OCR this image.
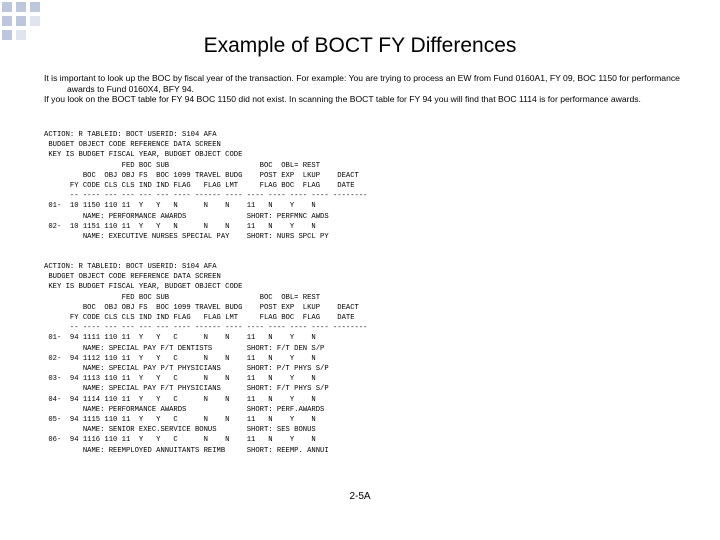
Example of BOCT FY Differences

It is important to look up the BOC by fiscal year of the transaction. For example: You are trying to process an EW from Fund 0160A1, FY 09, BOC 1150 for performance awards to Fund 0160X4, BFY 94.

If you look on the BOCT table for FY 94 BOC 1150 did not exist. In scanning the BOCT table for FY 94 you will find that BOC 1114 is for performance awards.

ACTION: R TABLEID: BOCT USERID: S104 AFA
BUDGET OBJECT CODE REFERENCE DATA SCREEN
KEY IS BUDGET FISCAL YEAR, BUDGET OBJECT CODE
FED BOC SUB                     BOC  OBL= REST
BOC  OBJ OBJ FS  BOC 1099 TRAVEL BUDG    POST EXP  LKUP    DEACT
FY CODE CLS CLS IND IND FLAG   FLAG LMT     FLAG BOC  FLAG    DATE
-- ---- --- --- --- --- ---- ------ ---- ---- ---- ---- ---- --------
01-  10 1150 110 11  Y   Y   N      N    N    11   N    Y    N
NAME: PERFORMANCE AWARDS              SHORT: PERFMNC AWDS
02-  10 1151 110 11  Y   Y   N      N    N    11   N    Y    N
NAME: EXECUTIVE NURSES SPECIAL PAY    SHORT: NURS SPCL PY
ACTION: R TABLEID: BOCT USERID: S104 AFA
BUDGET OBJECT CODE REFERENCE DATA SCREEN
KEY IS BUDGET FISCAL YEAR, BUDGET OBJECT CODE
FED BOC SUB                     BOC  OBL= REST
BOC  OBJ OBJ FS  BOC 1099 TRAVEL BUDG    POST EXP  LKUP    DEACT
FY CODE CLS CLS IND IND FLAG   FLAG LMT     FLAG BOC  FLAG    DATE
-- ---- --- --- --- --- ---- ------ ---- ---- ---- ---- ---- --------
01-  94 1111 110 11  Y   Y   C      N    N    11   N    Y    N
NAME: SPECIAL PAY F/T DENTISTS        SHORT: F/T DEN S/P
02-  94 1112 110 11  Y   Y   C      N    N    11   N    Y    N
NAME: SPECIAL PAY P/T PHYSICIANS      SHORT: P/T PHYS S/P
03-  94 1113 110 11  Y   Y   C      N    N    11   N    Y    N
NAME: SPECIAL PAY F/T PHYSICIANS      SHORT: F/T PHYS S/P
04-  94 1114 110 11  Y   Y   C      N    N    11   N    Y    N
NAME: PERFORMANCE AWARDS              SHORT: PERF.AWARDS
05-  94 1115 110 11  Y   Y   C      N    N    11   N    Y    N
NAME: SENIOR EXEC.SERVICE BONUS       SHORT: SES BONUS
06-  94 1116 110 11  Y   Y   C      N    N    11   N    Y    N
NAME: REEMPLOYED ANNUITANTS REIMB     SHORT: REEMP. ANNUI
2-5A
